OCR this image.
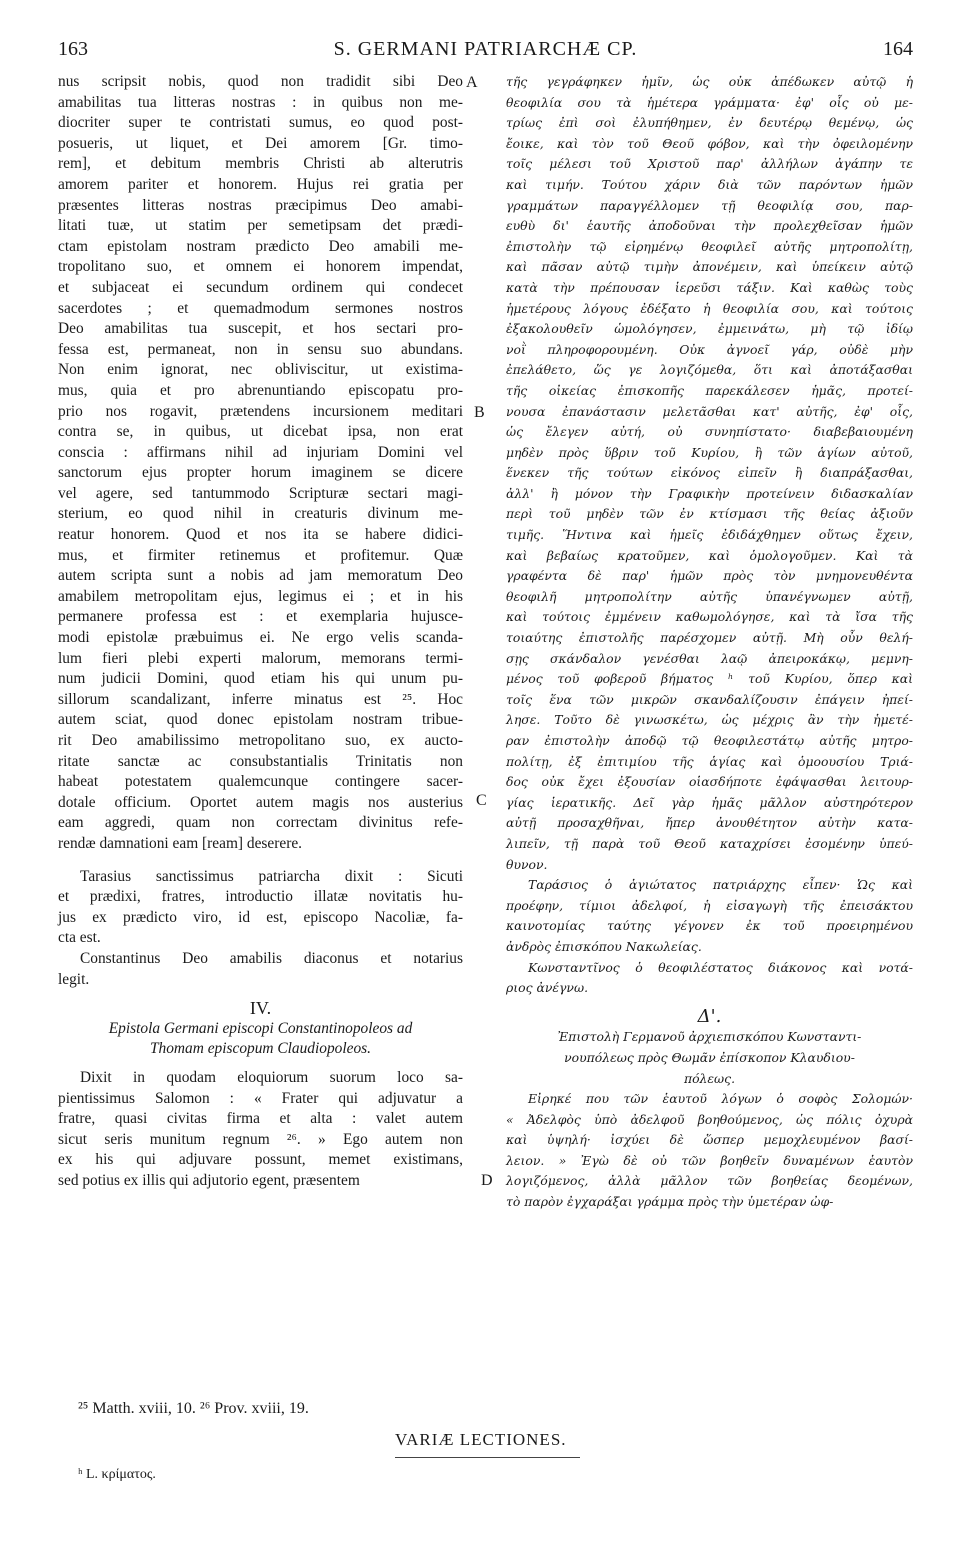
163	S. GERMANI PATRIARCHÆ CP.	164
nus scripsit nobis, quod non tradidit sibi Deo
amabilitas tua litteras nostras : in quibus non me-
diocriter super te contristati sumus, eo quod post-
posueris, ut liquet, et Dei amorem [Gr. timo-
rem], et debitum membris Christi ab alterutris
amorem pariter et honorem. Hujus rei gratia per
præsentes litteras nostras præcipimus Deo amabi-
litati tuæ, ut statim per semetipsam det prædi-
ctam epistolam nostram prædicto Deo amabili me-
tropolitano suo, et omnem ei honorem impendat,
et subjaceat ei secundum ordinem qui condecet
sacerdotes ; et quemadmodum sermones nostros
Deo amabilitas tua suscepit, et hos sectari pro-
fessa est, permaneat, non in sensu suo abundans.
Non enim ignorat, nec obliviscitur, ut existima-
mus, quia et pro abrenuntiando episcopatu pro-
prio nos rogavit, prætendens incursionem meditari
contra se, in quibus, ut dicebat ipsa, non erat
conscia : affirmans nihil ad injuriam Domini vel
sanctorum ejus propter horum imaginem se dicere
vel agere, sed tantummodo Scripturæ sectari magi-
sterium, eo quod nihil in creaturis divinum me-
reatur honorem. Quod et nos ita se habere didici-
mus, et firmiter retinemus et profitemur. Quæ
autem scripta sunt a nobis ad jam memoratum Deo
amabilem metropolitam ejus, legimus ei ; et in his
permanere professa est : et exemplaria hujusce-
modi epistolæ præbuimus ei. Ne ergo velis scanda-
lum fieri plebi experti malorum, memorans termi-
num judicii Domini, quod etiam his qui unum pu-
sillorum scandalizant, inferre minatus est ²⁵. Hoc
autem sciat, quod donec epistolam nostram tribue-
rit Deo amabilissimo metropolitano suo, ex aucto-
ritate sanctæ ac consubstantialis Trinitatis non
habeat potestatem qualemcunque contingere sacer-
dotale officium. Oportet autem magis nos austerius
eam aggredi, quam non correctam divinitus refe-
rendæ damnationi eam [ream] deserere.
Tarasius sanctissimus patriarcha dixit : Sicuti
et prædixi, fratres, introductio illatæ novitatis hu-
jus ex prædicto viro, id est, episcopo Nacoliæ, fa-
cta est.
Constantinus Deo amabilis diaconus et notarius
legit.
IV.
Epistola Germani episcopi Constantinopoleos ad
Thomam episcopum Claudiopoleos.
Dixit in quodam eloquiorum suorum loco sa-
pientissimus Salomon : « Frater qui adjuvatur a
fratre, quasi civitas firma et alta : valet autem
sicut seris munitum regnum ²⁶. » Ego autem non
ex his qui adjuvare possunt, memet existimans,
sed potius ex illis qui adjutorio egent, præsentem
τῆς γεγράφηκεν ἡμῖν, ὡς οὐκ ἀπέδωκεν αὐτῷ ἡ
θεοφιλία σου τὰ ἡμέτερα γράμματα· ἐφ' οἷς οὐ με-
τρίως ἐπὶ σοὶ ἐλυπήθημεν, ἐν δευτέρῳ θεμένῳ, ὡς
ἔοικε, καὶ τὸν τοῦ Θεοῦ φόβον, καὶ τὴν ὀφειλομένην
τοῖς μέλεσι τοῦ Χριστοῦ παρ' ἀλλήλων ἀγάπην τε
καὶ τιμήν. Τούτου χάριν διὰ τῶν παρόντων ἡμῶν
γραμμάτων παραγγέλλομεν τῇ θεοφιλίᾳ σου, παρ-
ευθὺ δι' ἑαυτῆς ἀποδοῦναι τὴν προλεχθεῖσαν ἡμῶν
ἐπιστολὴν τῷ εἰρημένῳ θεοφιλεῖ αὐτῆς μητροπολίτῃ,
καὶ πᾶσαν αὐτῷ τιμὴν ἀπονέμειν, καὶ ὑπείκειν αὐτῷ
κατὰ τὴν πρέπουσαν ἱερεῦσι τάξιν. Καὶ καθὼς τοὺς
ἡμετέρους λόγους ἐδέξατο ἡ θεοφιλία σου, καὶ τούτοις
ἐξακολουθεῖν ὡμολόγησεν, ἐμμεινάτω, μὴ τῷ ἰδίῳ
νοῒ πληροφορουμένη. Οὐκ ἀγνοεῖ γάρ, οὐδὲ μὴν
ἐπελάθετο, ὥς γε λογιζόμεθα, ὅτι καὶ ἀποτάξασθαι
τῆς οἰκείας ἐπισκοπῆς παρεκάλεσεν ἡμᾶς, προτεί-
νουσα ἐπανάστασιν μελετᾶσθαι κατ' αὐτῆς, ἐφ' οἷς,
ὡς ἔλεγεν αὐτή, οὐ συνηπίστατο· διαβεβαιουμένη
μηδὲν πρὸς ὕβριν τοῦ Κυρίου, ἢ τῶν ἁγίων αὐτοῦ,
ἕνεκεν τῆς τούτων εἰκόνος εἰπεῖν ἢ διαπράξασθαι,
ἀλλ' ἢ μόνον τὴν Γραφικὴν προτείνειν διδασκαλίαν
περὶ τοῦ μηδὲν τῶν ἐν κτίσμασι τῆς θείας ἀξιοῦν
τιμῆς. Ἥντινα καὶ ἡμεῖς ἐδιδάχθημεν οὕτως ἔχειν,
καὶ βεβαίως κρατοῦμεν, καὶ ὁμολογοῦμεν. Καὶ τὰ
γραφέντα δὲ παρ' ἡμῶν πρὸς τὸν μνημονευθέντα
θεοφιλῆ μητροπολίτην αὐτῆς ὑπανέγνωμεν αὐτῇ,
καὶ τούτοις ἐμμένειν καθωμολόγησε, καὶ τὰ ἴσα τῆς
τοιαύτης ἐπιστολῆς παρέσχομεν αὐτῇ. Μὴ οὖν θελή-
σῃς σκάνδαλον γενέσθαι λαῷ ἀπειροκάκῳ, μεμνη-
μένος τοῦ φοβεροῦ βήματος ʰ τοῦ Κυρίου, ὅπερ καὶ
τοῖς ἕνα τῶν μικρῶν σκανδαλίζουσιν ἐπάγειν ἠπεί-
λησε. Τοῦτο δὲ γινωσκέτω, ὡς μέχρις ἂν τὴν ἡμετέ-
ραν ἐπιστολὴν ἀποδῷ τῷ θεοφιλεστάτῳ αὐτῆς μητρο-
πολίτῃ, ἐξ ἐπιτιμίου τῆς ἁγίας καὶ ὁμοουσίου Τριά-
δος οὐκ ἔχει ἐξουσίαν οἱασδήποτε ἐφάψασθαι λειτουρ-
γίας ἱερατικῆς. Δεῖ γὰρ ἡμᾶς μᾶλλον αὐστηρότερον
αὐτῇ προσαχθῆναι, ἤπερ ἀνουθέτητον αὐτὴν κατα-
λιπεῖν, τῇ παρὰ τοῦ Θεοῦ καταχρίσει ἐσομένην ὑπεύ-
θυνον.
Ταράσιος ὁ ἁγιώτατος πατριάρχης εἶπεν· Ὡς καὶ
προέφην, τίμιοι ἀδελφοί, ἡ εἰσαγωγὴ τῆς ἐπεισάκτου
καινοτομίας ταύτης γέγονεν ἐκ τοῦ προειρημένου
ἀνδρὸς ἐπισκόπου Νακωλείας.
Κωνσταντῖνος ὁ θεοφιλέστατος διάκονος καὶ νοτά-
ριος ἀνέγνω.
Δ'.
Ἐπιστολὴ Γερμανοῦ ἀρχιεπισκόπου Κωνσταντι-
νουπόλεως πρὸς Θωμᾶν ἐπίσκοπον Κλαυδιου-
πόλεως.
Εἰρηκέ που τῶν ἑαυτοῦ λόγων ὁ σοφὸς Σολομών·
« Ἀδελφὸς ὑπὸ ἀδελφοῦ βοηθούμενος, ὡς πόλις ὀχυρὰ
καὶ ὑψηλή· ἰσχύει δὲ ὥσπερ μεμοχλευμένον βασί-
λειον. » Ἐγὼ δὲ οὐ τῶν βοηθεῖν δυναμένων ἑαυτὸν
λογιζόμενος, ἀλλὰ μᾶλλον τῶν βοηθείας δεομένων,
τὸ παρὸν ἐγχαράξαι γράμμα πρὸς τὴν ὑμετέραν ὠφ-
A
B
C
D
²⁵ Matth. xviii, 10. ²⁶ Prov. xviii, 19.
VARIÆ LECTIONES.
ʰ L. κρίματος.
